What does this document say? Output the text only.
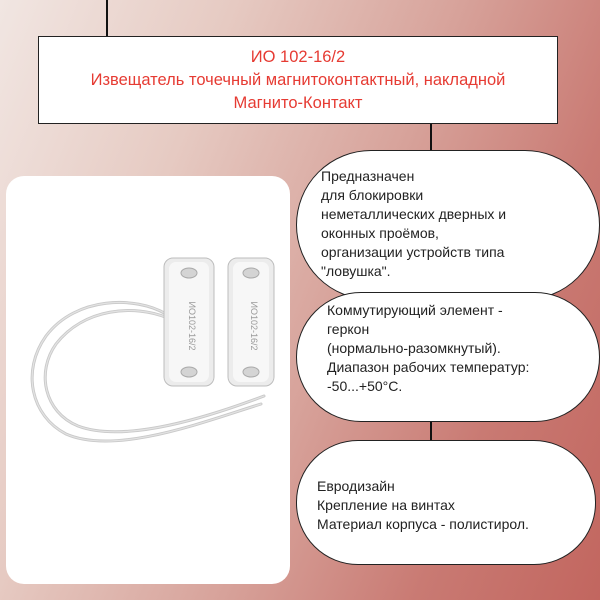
ИО 102-16/2
Извещатель точечный магнитоконтактный, накладной
Магнито-Контакт
ИО102-16/2	ИО102-16/2
Предназначен
для блокировки
неметаллических дверных и
оконных проёмов,
организации устройств типа
"ловушка".
Коммутирующий элемент -
геркон
(нормально-разомкнутый).
Диапазон рабочих температур:
-50...+50°C.
Евродизайн
Крепление на винтах
Материал корпуса - полистирол.
